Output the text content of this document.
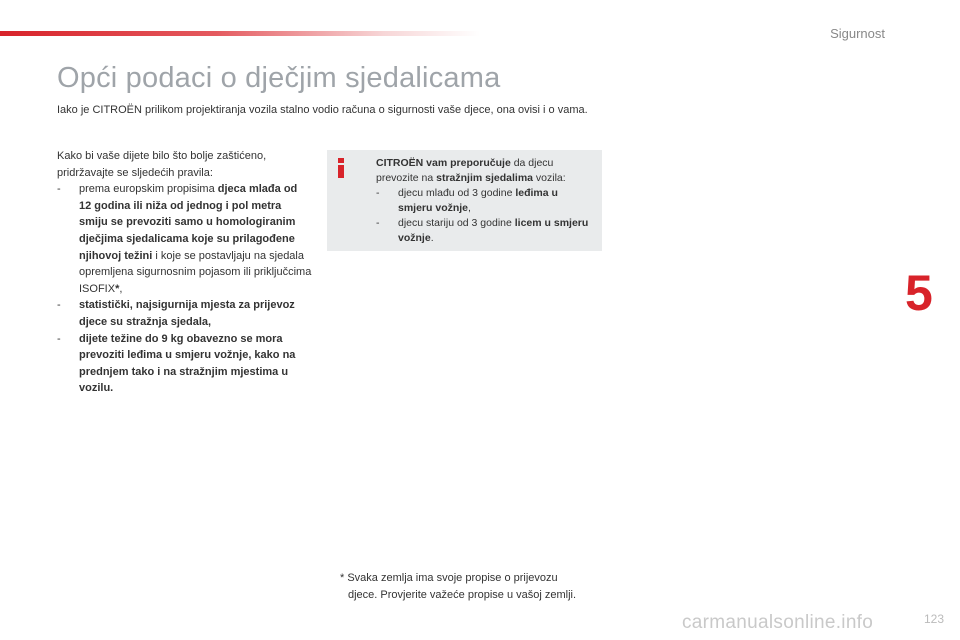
Sigurnost
Opći podaci o dječjim sjedalicama
Iako je CITROËN prilikom projektiranja vozila stalno vodio računa o sigurnosti vaše djece, ona ovisi i o vama.

Kako bi vaše dijete bilo što bolje zaštićeno, pridržavajte se sljedećih pravila:

- prema europskim propisima djeca mlađa od 12 godina ili niža od jednog i pol metra smiju se prevoziti samo u homologiranim dječjima sjedalicama koje su prilagođene njihovoj težini i koje se postavljaju na sjedala opremljena sigurnosnim pojasom ili priključcima ISOFIX*,
- statistički, najsigurnija mjesta za prijevoz djece su stražnja sjedala,
- dijete težine do 9 kg obavezno se mora prevoziti leđima u smjeru vožnje, kako na prednjem tako i na stražnjim mjestima u vozilu.

CITROËN vam preporučuje da djecu prevozite na stražnjim sjedalima vozila:

- djecu mlađu od 3 godine leđima u smjeru vožnje,
- djecu stariju od 3 godine licem u smjeru vožnje.
* Svaka zemlja ima svoje propise o prijevozu

djece. Provjerite važeće propise u vašoj zemlji.
5
carmanualsonline.info	123
